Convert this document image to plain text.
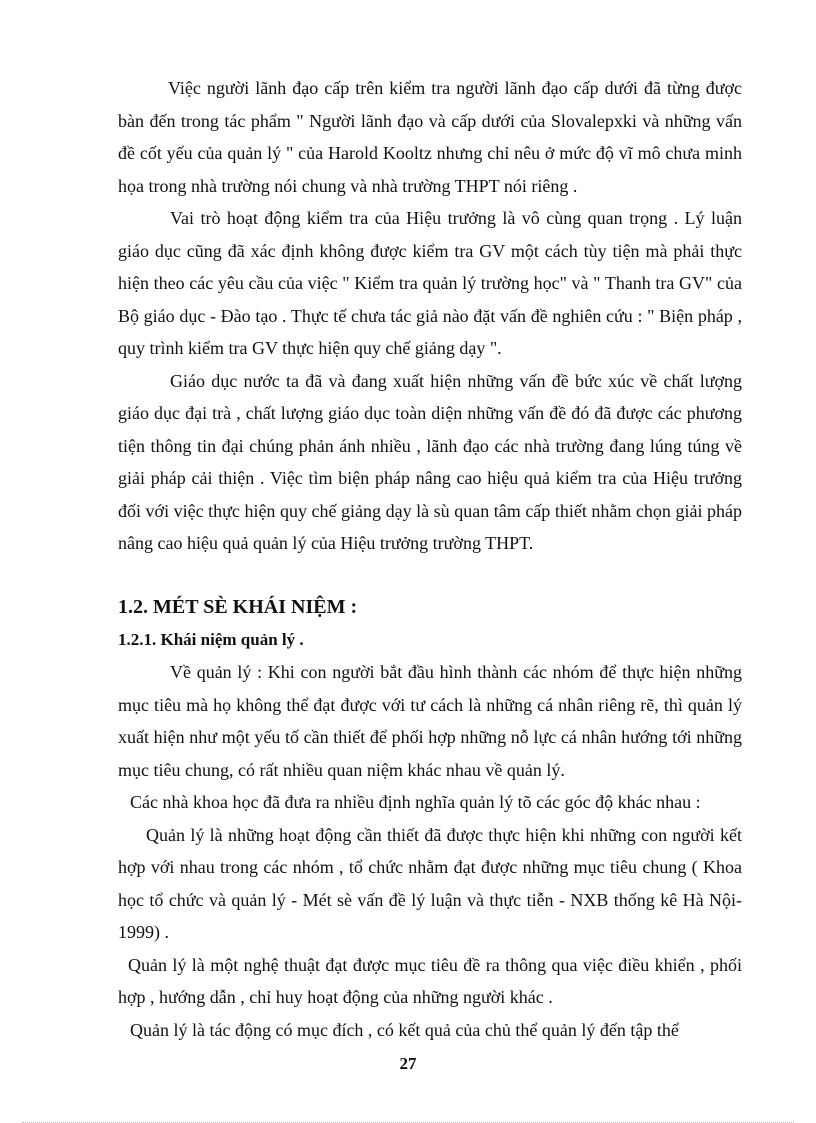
Việc người lãnh đạo cấp trên kiểm tra người lãnh đạo cấp dưới đã từng được bàn đến trong tác phẩm " Người lãnh đạo và cấp dưới của Slovalepxki và những vấn đề cốt yếu của quản lý " của Harold Kooltz nhưng chỉ nêu ở mức độ vĩ mô chưa minh họa trong nhà trường nói chung và nhà trường THPT nói riêng .

Vai trò hoạt động kiểm tra của Hiệu trưởng là vô cùng quan trọng . Lý luận giáo dục cũng đã xác định không được kiểm tra GV một cách tùy tiện mà phải thực hiện theo các yêu cầu của việc " Kiểm tra quản lý trường học" và " Thanh tra GV" của Bộ giáo dục - Đào tạo . Thực tế chưa tác giả nào đặt vấn đề nghiên cứu : " Biện pháp , quy trình kiểm tra GV thực hiện quy chế giảng dạy ".

Giáo dục nước ta đã và đang xuất hiện những vấn đề bức xúc về chất lượng giáo dục đại trà , chất lượng giáo dục toàn diện những vấn đề đó đã được các phương tiện thông tin đại chúng phản ánh nhiều , lãnh đạo các nhà trường đang lúng túng về giải pháp cải thiện . Việc tìm biện pháp nâng cao hiệu quả kiểm tra của Hiệu trưởng đối với việc thực hiện quy chế giảng dạy là sù quan tâm cấp thiết nhằm chọn giải pháp nâng cao hiệu quả quản lý của Hiệu trưởng trường THPT.

1.2. MÉT SÈ KHÁI NIỆM :
1.2.1. Khái niệm quản lý .

Về quản lý : Khi con người bắt đầu hình thành các nhóm để thực hiện những mục tiêu mà họ không thể đạt được với tư cách là những cá nhân riêng rẽ, thì quản lý xuất hiện như một yếu tố cần thiết để phối hợp những nỗ lực cá nhân hướng tới những mục tiêu chung, có rất nhiều quan niệm khác nhau về quản lý.

Các nhà khoa học đã đưa ra nhiều định nghĩa quản lý tõ các góc độ khác nhau :

Quản lý là những hoạt động cần thiết đã được thực hiện khi những con người kết hợp với nhau trong các nhóm , tổ chức nhằm đạt được những mục tiêu chung ( Khoa học tổ chức và quản lý - Mét sè vấn đề lý luận và thực tiễn - NXB thống kê Hà Nội-1999) .

Quản lý là một nghệ thuật đạt được mục tiêu đề ra thông qua việc điều khiển , phối hợp , hướng dẫn , chỉ huy hoạt động của những người khác .

Quản lý là tác động có mục đích , có kết quả của chủ thể quản lý đến tập thể

27
